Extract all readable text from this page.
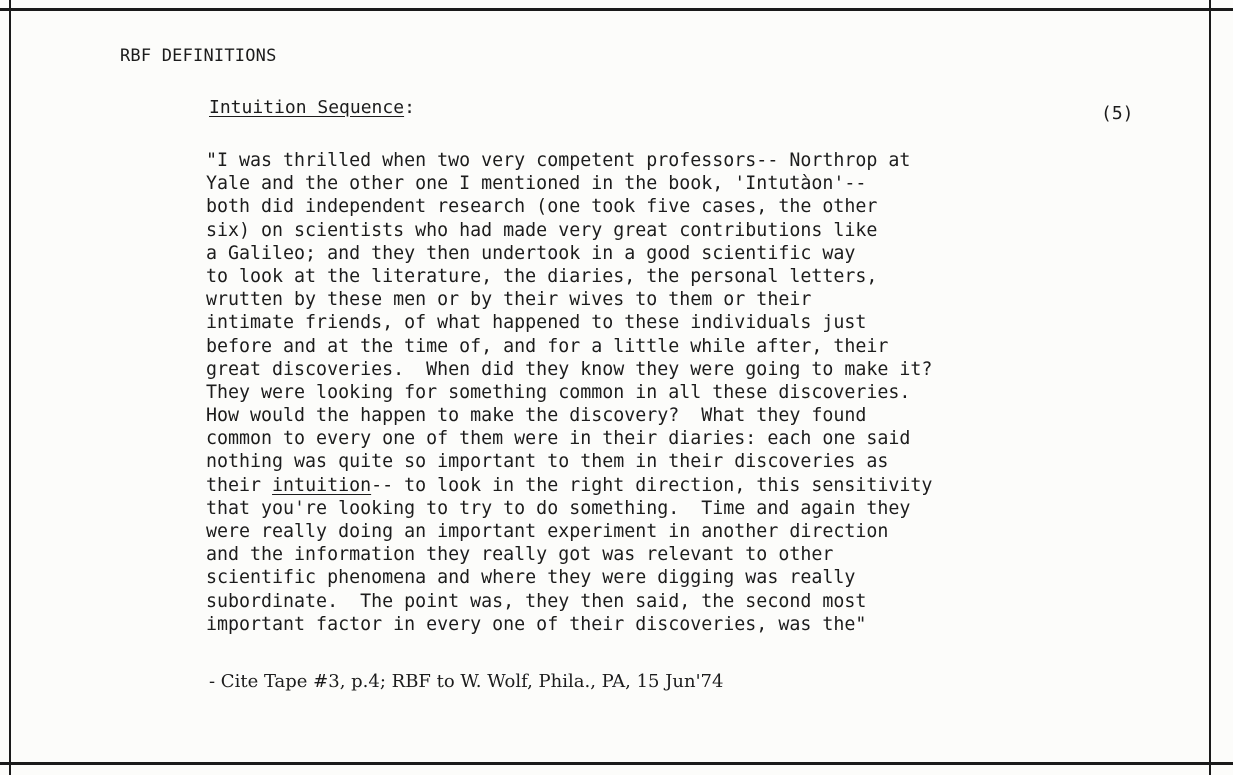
RBF DEFINITIONS
Intuition Sequence:	(5)
"I was thrilled when two very competent professors-- Northrop at
Yale and the other one I mentioned in the book, 'Intutàon'--
both did independent research (one took five cases, the other
six) on scientists who had made very great contributions like
a Galileo; and they then undertook in a good scientific way
to look at the literature, the diaries, the personal letters,
wrutten by these men or by their wives to them or their
intimate friends, of what happened to these individuals just
before and at the time of, and for a little while after, their
great discoveries.  When did they know they were going to make it?
They were looking for something common in all these discoveries.
How would the happen to make the discovery?  What they found
common to every one of them were in their diaries: each one said
nothing was quite so important to them in their discoveries as
their intuition-- to look in the right direction, this sensitivity
that you're looking to try to do something.  Time and again they
were really doing an important experiment in another direction
and the information they really got was relevant to other
scientific phenomena and where they were digging was really
subordinate.  The point was, they then said, the second most
important factor in every one of their discoveries, was the"
- Cite Tape #3, p.4; RBF to W. Wolf, Phila., PA, 15 Jun'74
